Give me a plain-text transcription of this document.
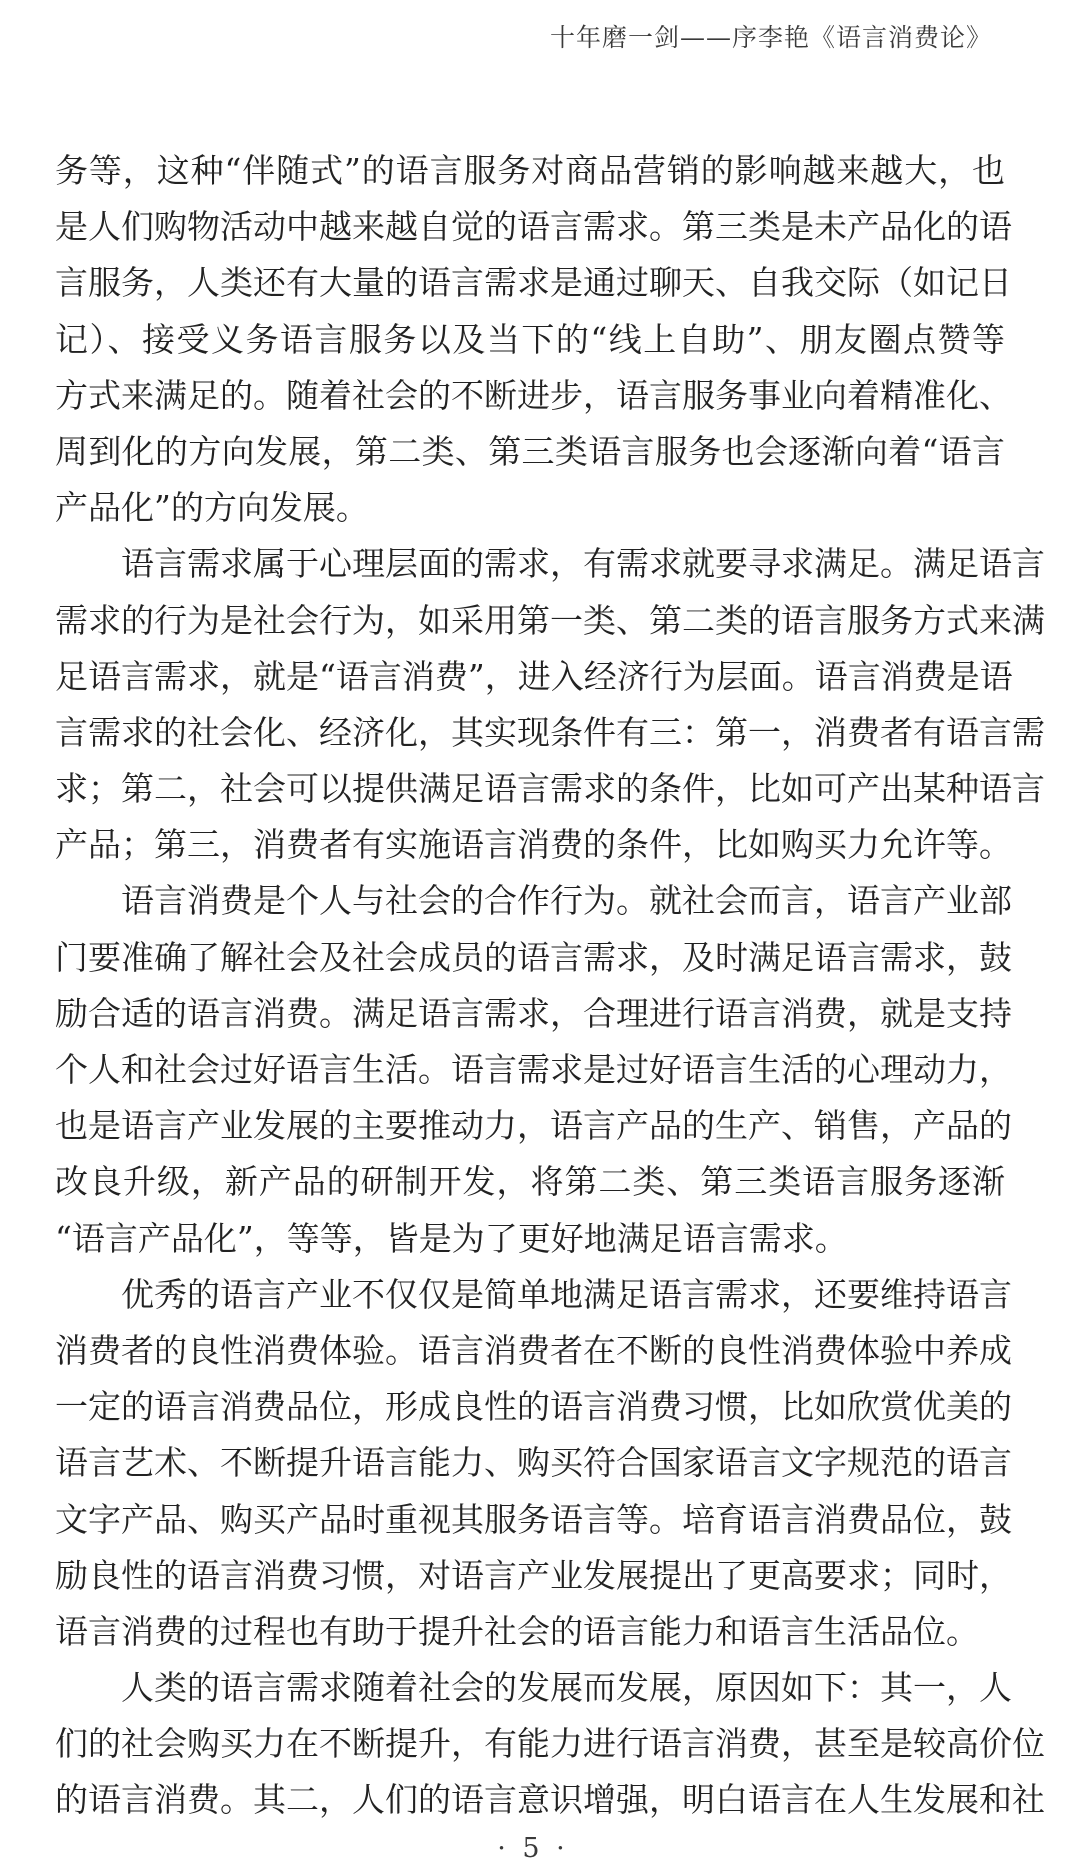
十年磨一剑——序李艳《语言消费论》
务等，这种“伴随式”的语言服务对商品营销的影响越来越大，也
是人们购物活动中越来越自觉的语言需求。第三类是未产品化的语
言服务，人类还有大量的语言需求是通过聊天、自我交际（如记日
记）、接受义务语言服务以及当下的“线上自助”、朋友圈点赞等
方式来满足的。随着社会的不断进步，语言服务事业向着精准化、
周到化的方向发展，第二类、第三类语言服务也会逐渐向着“语言
产品化”的方向发展。
语言需求属于心理层面的需求，有需求就要寻求满足。满足语言
需求的行为是社会行为，如采用第一类、第二类的语言服务方式来满
足语言需求，就是“语言消费”，进入经济行为层面。语言消费是语
言需求的社会化、经济化，其实现条件有三：第一，消费者有语言需
求；第二，社会可以提供满足语言需求的条件，比如可产出某种语言
产品；第三，消费者有实施语言消费的条件，比如购买力允许等。
语言消费是个人与社会的合作行为。就社会而言，语言产业部
门要准确了解社会及社会成员的语言需求，及时满足语言需求，鼓
励合适的语言消费。满足语言需求，合理进行语言消费，就是支持
个人和社会过好语言生活。语言需求是过好语言生活的心理动力，
也是语言产业发展的主要推动力，语言产品的生产、销售，产品的
改良升级，新产品的研制开发，将第二类、第三类语言服务逐渐
“语言产品化”，等等，皆是为了更好地满足语言需求。
优秀的语言产业不仅仅是简单地满足语言需求，还要维持语言
消费者的良性消费体验。语言消费者在不断的良性消费体验中养成
一定的语言消费品位，形成良性的语言消费习惯，比如欣赏优美的
语言艺术、不断提升语言能力、购买符合国家语言文字规范的语言
文字产品、购买产品时重视其服务语言等。培育语言消费品位，鼓
励良性的语言消费习惯，对语言产业发展提出了更高要求；同时，
语言消费的过程也有助于提升社会的语言能力和语言生活品位。
人类的语言需求随着社会的发展而发展，原因如下：其一，人
们的社会购买力在不断提升，有能力进行语言消费，甚至是较高价位
的语言消费。其二，人们的语言意识增强，明白语言在人生发展和社
· 5 ·
